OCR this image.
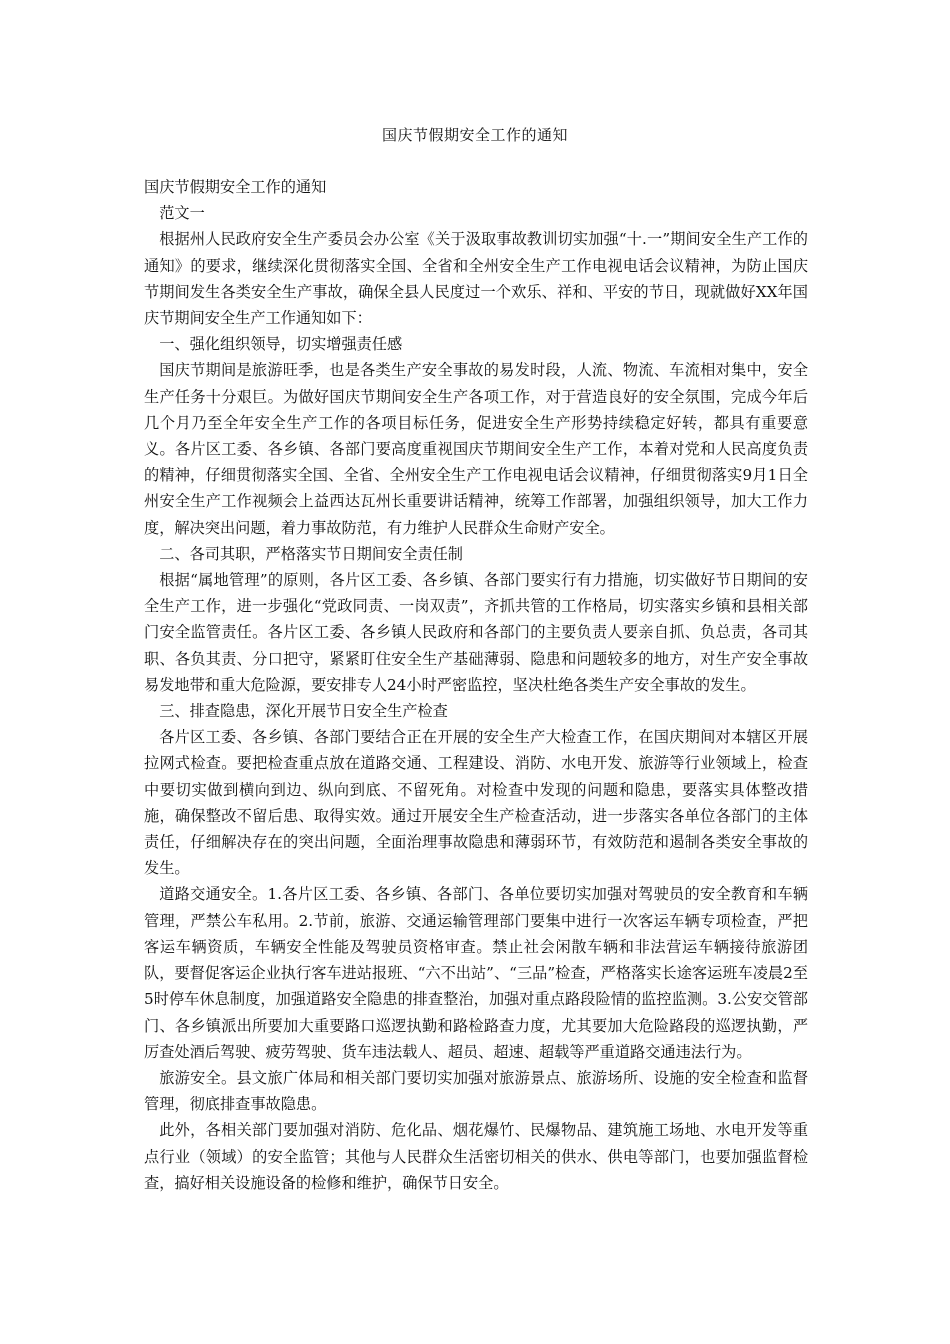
国庆节假期安全工作的通知

国庆节假期安全工作的通知

范文一

根据州人民政府安全生产委员会办公室《关于汲取事故教训切实加强“十.一”期间安全生产工作的通知》的要求，继续深化贯彻落实全国、全省和全州安全生产工作电视电话会议精神，为防止国庆节期间发生各类安全生产事故，确保全县人民度过一个欢乐、祥和、平安的节日，现就做好XX年国庆节期间安全生产工作通知如下：

一、强化组织领导，切实增强责任感

国庆节期间是旅游旺季，也是各类生产安全事故的易发时段，人流、物流、车流相对集中，安全生产任务十分艰巨。为做好国庆节期间安全生产各项工作，对于营造良好的安全氛围，完成今年后几个月乃至全年安全生产工作的各项目标任务，促进安全生产形势持续稳定好转，都具有重要意义。各片区工委、各乡镇、各部门要高度重视国庆节期间安全生产工作，本着对党和人民高度负责的精神，仔细贯彻落实全国、全省、全州安全生产工作电视电话会议精神，仔细贯彻落实9月1日全州安全生产工作视频会上益西达瓦州长重要讲话精神，统筹工作部署，加强组织领导，加大工作力度，解决突出问题，着力事故防范，有力维护人民群众生命财产安全。

二、各司其职，严格落实节日期间安全责任制

根据“属地管理”的原则，各片区工委、各乡镇、各部门要实行有力措施，切实做好节日期间的安全生产工作，进一步强化“党政同责、一岗双责”，齐抓共管的工作格局，切实落实乡镇和县相关部门安全监管责任。各片区工委、各乡镇人民政府和各部门的主要负责人要亲自抓、负总责，各司其职、各负其责、分口把守，紧紧盯住安全生产基础薄弱、隐患和问题较多的地方，对生产安全事故易发地带和重大危险源，要安排专人24小时严密监控，坚决杜绝各类生产安全事故的发生。

三、排查隐患，深化开展节日安全生产检查

各片区工委、各乡镇、各部门要结合正在开展的安全生产大检查工作，在国庆期间对本辖区开展拉网式检查。要把检查重点放在道路交通、工程建设、消防、水电开发、旅游等行业领域上，检查中要切实做到横向到边、纵向到底、不留死角。对检查中发现的问题和隐患，要落实具体整改措施，确保整改不留后患、取得实效。通过开展安全生产检查活动，进一步落实各单位各部门的主体责任，仔细解决存在的突出问题，全面治理事故隐患和薄弱环节，有效防范和遏制各类安全事故的发生。

道路交通安全。1.各片区工委、各乡镇、各部门、各单位要切实加强对驾驶员的安全教育和车辆管理，严禁公车私用。2.节前，旅游、交通运输管理部门要集中进行一次客运车辆专项检查，严把客运车辆资质，车辆安全性能及驾驶员资格审查。禁止社会闲散车辆和非法营运车辆接待旅游团队，要督促客运企业执行客车进站报班、“六不出站”、“三品”检查，严格落实长途客运班车凌晨2至5时停车休息制度，加强道路安全隐患的排查整治，加强对重点路段险情的监控监测。3.公安交管部门、各乡镇派出所要加大重要路口巡逻执勤和路检路查力度，尤其要加大危险路段的巡逻执勤，严厉查处酒后驾驶、疲劳驾驶、货车违法载人、超员、超速、超载等严重道路交通违法行为。

旅游安全。县文旅广体局和相关部门要切实加强对旅游景点、旅游场所、设施的安全检查和监督管理，彻底排查事故隐患。

此外，各相关部门要加强对消防、危化品、烟花爆竹、民爆物品、建筑施工场地、水电开发等重点行业（领域）的安全监管；其他与人民群众生活密切相关的供水、供电等部门，也要加强监督检查，搞好相关设施设备的检修和维护，确保节日安全。
